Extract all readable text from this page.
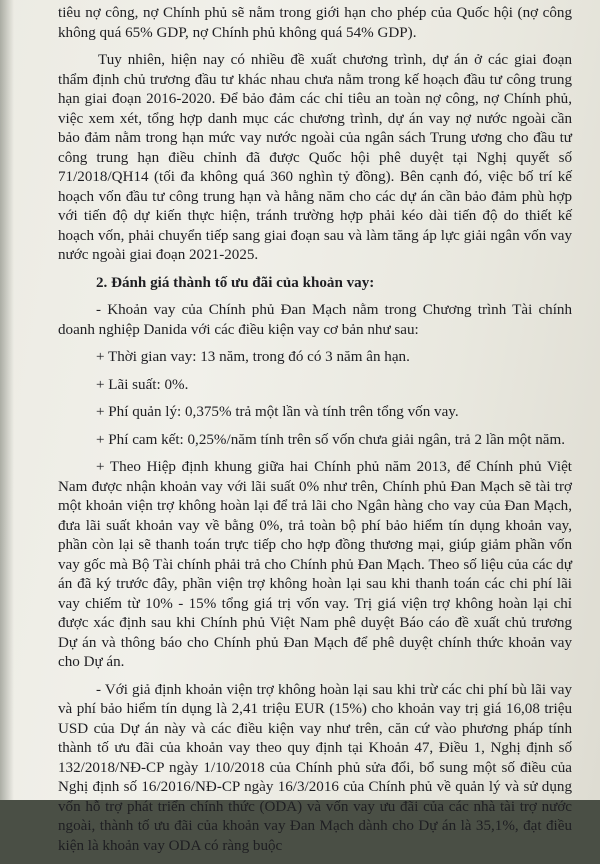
tiêu nợ công, nợ Chính phủ sẽ nằm trong giới hạn cho phép của Quốc hội (nợ công không quá 65% GDP, nợ Chính phủ không quá 54% GDP).

Tuy nhiên, hiện nay có nhiều đề xuất chương trình, dự án ở các giai đoạn thẩm định chủ trương đầu tư khác nhau chưa nằm trong kế hoạch đầu tư công trung hạn giai đoạn 2016-2020. Để bảo đảm các chỉ tiêu an toàn nợ công, nợ Chính phủ, việc xem xét, tổng hợp danh mục các chương trình, dự án vay nợ nước ngoài cần bảo đảm nằm trong hạn mức vay nước ngoài của ngân sách Trung ương cho đầu tư công trung hạn điều chỉnh đã được Quốc hội phê duyệt tại Nghị quyết số 71/2018/QH14 (tối đa không quá 360 nghìn tỷ đồng). Bên cạnh đó, việc bố trí kế hoạch vốn đầu tư công trung hạn và hằng năm cho các dự án cần bảo đảm phù hợp với tiến độ dự kiến thực hiện, tránh trường hợp phải kéo dài tiến độ do thiết kế hoạch vốn, phải chuyển tiếp sang giai đoạn sau và làm tăng áp lực giải ngân vốn vay nước ngoài giai đoạn 2021-2025.

2. Đánh giá thành tố ưu đãi của khoản vay:

- Khoản vay của Chính phủ Đan Mạch nằm trong Chương trình Tài chính doanh nghiệp Danida với các điều kiện vay cơ bản như sau:

+ Thời gian vay: 13 năm, trong đó có 3 năm ân hạn.

+ Lãi suất: 0%.

+ Phí quản lý: 0,375% trả một lần và tính trên tổng vốn vay.

+ Phí cam kết: 0,25%/năm tính trên số vốn chưa giải ngân, trả 2 lần một năm.

+ Theo Hiệp định khung giữa hai Chính phủ năm 2013, để Chính phủ Việt Nam được nhận khoản vay với lãi suất 0% như trên, Chính phủ Đan Mạch sẽ tài trợ một khoản viện trợ không hoàn lại để trả lãi cho Ngân hàng cho vay của Đan Mạch, đưa lãi suất khoản vay về bằng 0%, trả toàn bộ phí bảo hiểm tín dụng khoản vay, phần còn lại sẽ thanh toán trực tiếp cho hợp đồng thương mại, giúp giảm phần vốn vay gốc mà Bộ Tài chính phải trả cho Chính phủ Đan Mạch. Theo số liệu của các dự án đã ký trước đây, phần viện trợ không hoàn lại sau khi thanh toán các chi phí lãi vay chiếm từ 10% - 15% tổng giá trị vốn vay. Trị giá viện trợ không hoàn lại chỉ được xác định sau khi Chính phủ Việt Nam phê duyệt Báo cáo đề xuất chủ trương Dự án và thông báo cho Chính phủ Đan Mạch để phê duyệt chính thức khoản vay cho Dự án.

- Với giả định khoản viện trợ không hoàn lại sau khi trừ các chi phí bù lãi vay và phí bảo hiểm tín dụng là 2,41 triệu EUR (15%) cho khoản vay trị giá 16,08 triệu USD của Dự án này và các điều kiện vay như trên, căn cứ vào phương pháp tính thành tố ưu đãi của khoản vay theo quy định tại Khoản 47, Điều 1, Nghị định số 132/2018/NĐ-CP ngày 1/10/2018 của Chính phủ sửa đổi, bổ sung một số điều của Nghị định số 16/2016/NĐ-CP ngày 16/3/2016 của Chính phủ về quản lý và sử dụng vốn hỗ trợ phát triển chính thức (ODA) và vốn vay ưu đãi của các nhà tài trợ nước ngoài, thành tố ưu đãi của khoản vay Đan Mạch dành cho Dự án là 35,1%, đạt điều kiện là khoản vay ODA có ràng buộc
